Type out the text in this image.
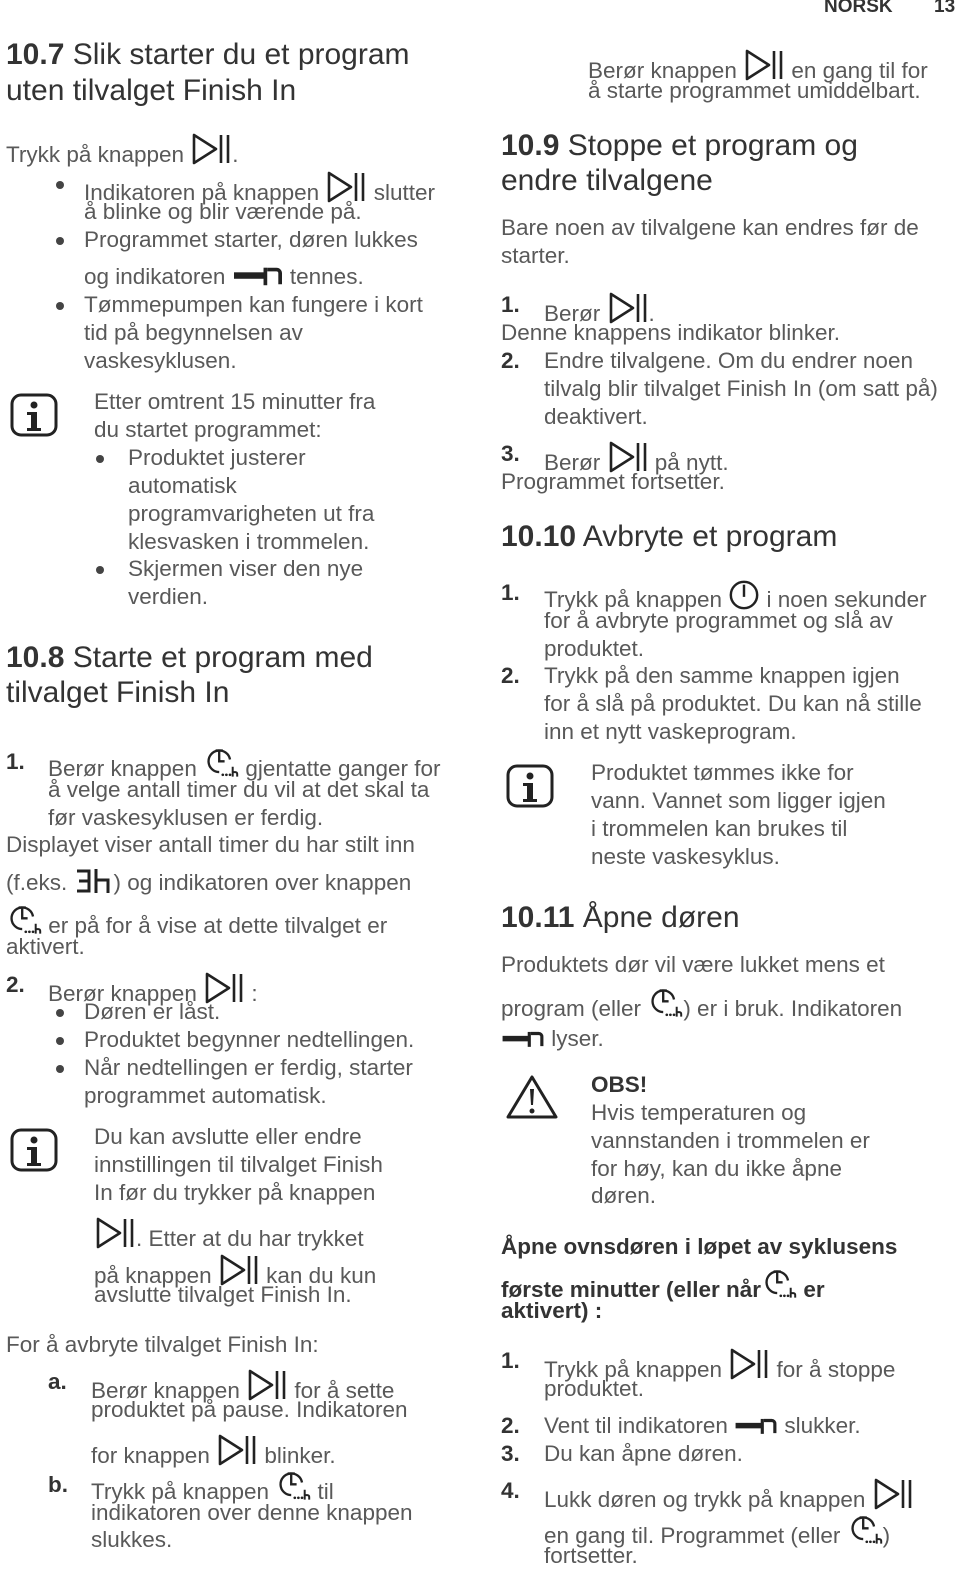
NORSK 13
10.7 Slik starter du et program
uten tilvalget Finish In
Trykk på knappen .
Indikatoren på knappen slutter
å blinke og blir værende på.
Programmet starter, døren lukkes
og indikatoren	tennes.
Tømmepumpen kan fungere i kort
tid på begynnelsen av
vaskesyklusen.
Etter omtrent 15 minutter fra
du startet programmet:
Produktet justerer
automatisk
programvarigheten ut fra
klesvasken i trommelen.
Skjermen viser den nye
verdien.
10.8 Starte et program med
tilvalget Finish In
1. Berør knappen gjentatte ganger for
å velge antall timer du vil at det skal ta
før vaskesyklusen er ferdig.
Displayet viser antall timer du har stilt inn
(f.eks. ) og indikatoren over knappen
er på for å vise at dette tilvalget er
aktivert.
2. Berør knappen :
Døren er låst.
Produktet begynner nedtellingen.
Når nedtellingen er ferdig, starter
programmet automatisk.
Du kan avslutte eller endre
innstillingen til tilvalget Finish
In før du trykker på knappen
. Etter at du har trykket
på knappen kan du kun
avslutte tilvalget Finish In.
For å avbryte tilvalget Finish In:
a. Berør knappen for å sette
produktet på pause. Indikatoren
for knappen blinker.
b. Trykk på knappen til
indikatoren over denne knappen
slukkes.
Berør knappen en gang til for
å starte programmet umiddelbart.
10.9 Stoppe et program og
endre tilvalgene
Bare noen av tilvalgene kan endres før de
starter.
1. Berør .
Denne knappens indikator blinker.
2. Endre tilvalgene. Om du endrer noen
tilvalg blir tilvalget Finish In (om satt på)
deaktivert.
3. Berør på nytt.
Programmet fortsetter.
10.10 Avbryte et program
1. Trykk på knappen i noen sekunder
for å avbryte programmet og slå av
produktet.
2. Trykk på den samme knappen igjen
for å slå på produktet. Du kan nå stille
inn et nytt vaskeprogram.
Produktet tømmes ikke for
vann. Vannet som ligger igjen
i trommelen kan brukes til
neste vaskesyklus.
10.11 Åpne døren
Produktets dør vil være lukket mens et
program (eller ) er i bruk. Indikatoren
lyser.
OBS!
Hvis temperaturen og
vannstanden i trommelen er
for høy, kan du ikke åpne
døren.
Åpne ovnsdøren i løpet av syklusens
første minutter (eller når er
aktivert) :
1. Trykk på knappen for å stoppe
produktet.
2. Vent til indikatoren	slukker.
3. Du kan åpne døren.
4. Lukk døren og trykk på knappen
en gang til. Programmet (eller )
fortsetter.
